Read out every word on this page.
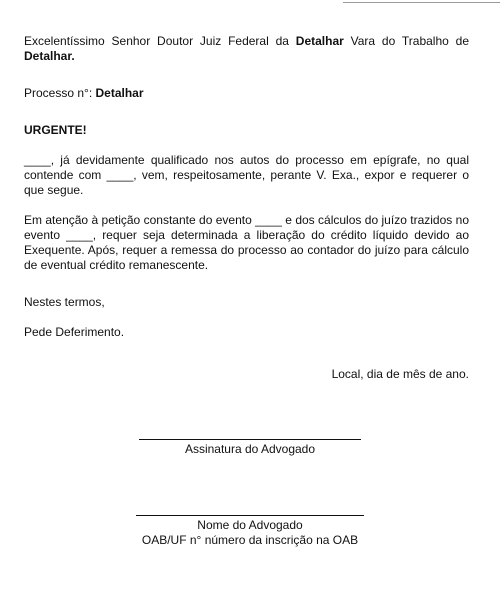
Excelentíssimo Senhor Doutor Juiz Federal da Detalhar Vara do Trabalho de Detalhar.

Processo n°: Detalhar

URGENTE!

____, já devidamente qualificado nos autos do processo em epígrafe, no qual contende com ____, vem, respeitosamente, perante V. Exa., expor e requerer o que segue.

Em atenção à petição constante do evento ____ e dos cálculos do juízo trazidos no evento ____, requer seja determinada a liberação do crédito líquido devido ao Exequente. Após, requer a remessa do processo ao contador do juízo para cálculo de eventual crédito remanescente.

Nestes termos,

Pede Deferimento.

Local, dia de mês de ano.
Assinatura do Advogado
Nome do Advogado
OAB/UF n° número da inscrição na OAB
